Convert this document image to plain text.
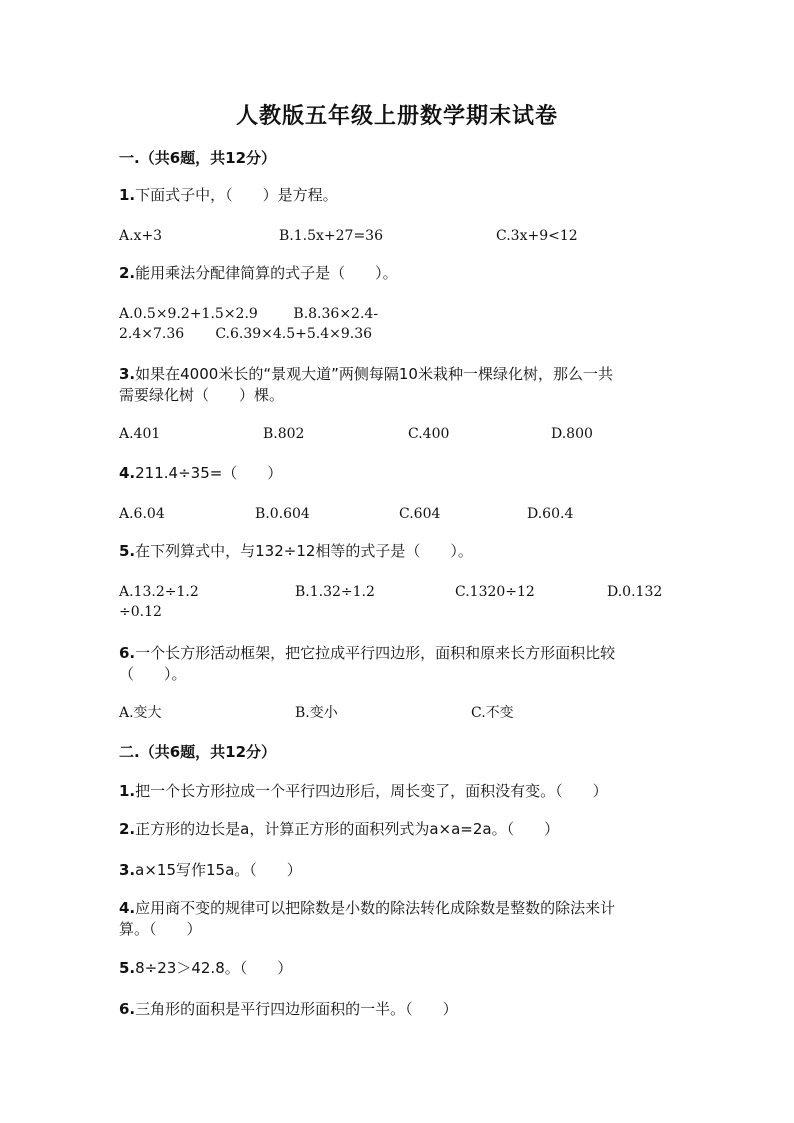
人教版五年级上册数学期末试卷
一.（共6题，共12分）
1.下面式子中，（　　）是方程。
A.x+3	B.1.5x+27=36	C.3x+9<12
2.能用乘法分配律简算的式子是（　　）。
A.0.5×9.2+1.5×2.9        B.8.36×2.4-
2.4×7.36       C.6.39×4.5+5.4×9.36
3.如果在4000米长的“景观大道”两侧每隔10米栽种一棵绿化树，那么一共
需要绿化树（　　）棵。
A.401	B.802	C.400	D.800
4.211.4÷35=（　　）
A.6.04	B.0.604	C.604	D.60.4
5.在下列算式中，与132÷12相等的式子是（　　）。
A.13.2÷1.2	B.1.32÷1.2	C.1320÷12	D.0.132
÷0.12
6.一个长方形活动框架，把它拉成平行四边形，面积和原来长方形面积比较
（　　）。
A.变大	B.变小	C.不变
二.（共6题，共12分）
1.把一个长方形拉成一个平行四边形后，周长变了，面积没有变。（　　）
2.正方形的边长是a，计算正方形的面积列式为a×a=2a。（　　）
3.a×15写作15a。（　　）
4.应用商不变的规律可以把除数是小数的除法转化成除数是整数的除法来计
算。（　　）
5.8÷23＞42.8。（　　）
6.三角形的面积是平行四边形面积的一半。（　　）
